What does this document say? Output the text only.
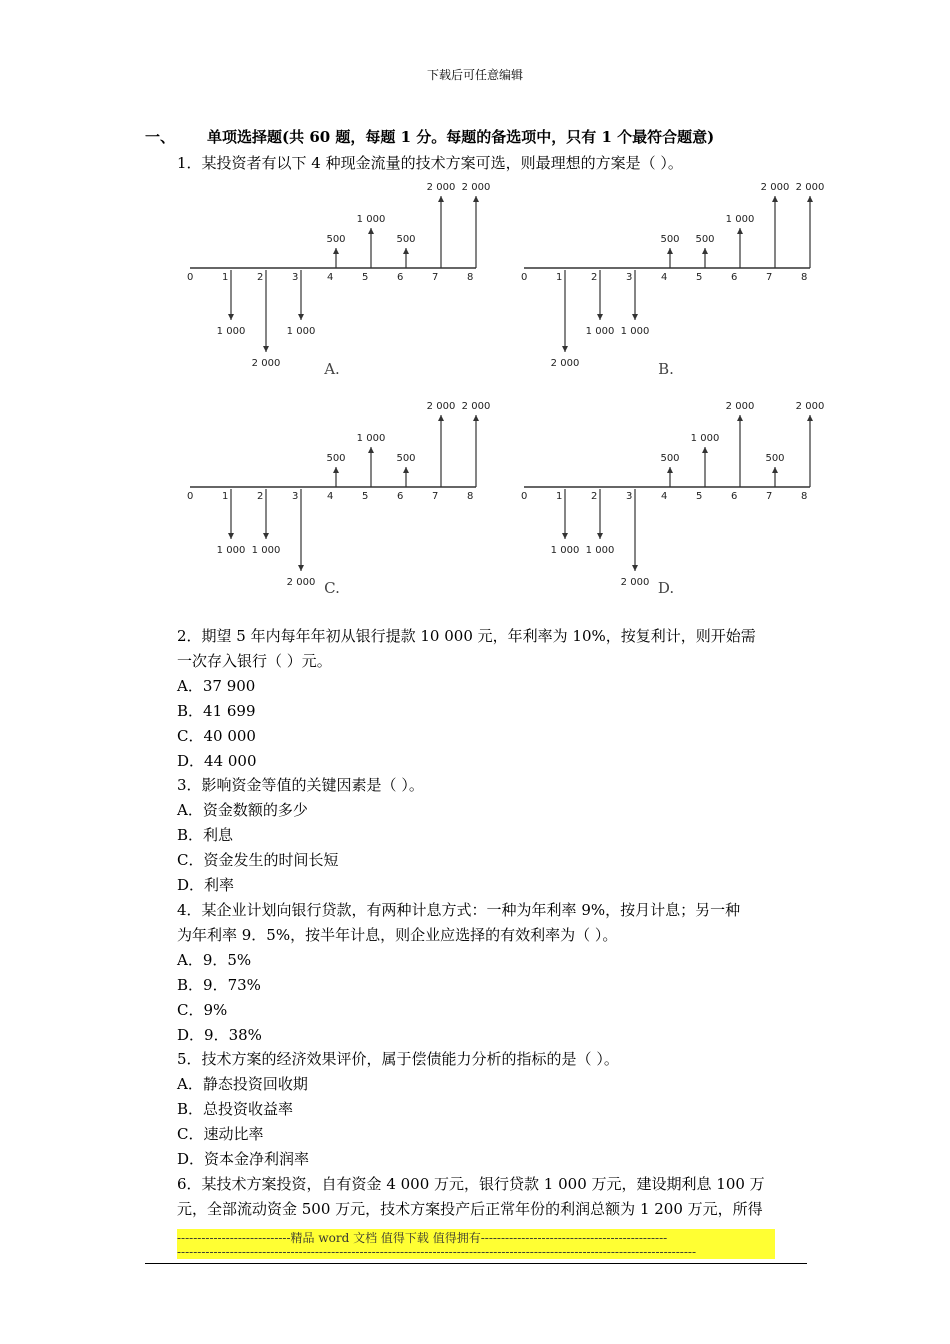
下载后可任意编辑
一、 单项选择题(共 60 题，每题 1 分。每题的备选项中，只有 1 个最符合题意)
1．某投资者有以下 4 种现金流量的技术方案可选，则最理想的方案是（ ）。
0	1	2	3	4	5	6	7	8
1 000
2 000
1 000
500
1 000
500
2 000 2 000
A.
0	1	2	3	4	5	6	7	8
2 000
1 000 1 000
500 500
1 000
2 000 2 000
B.
0	1	2	3	4	5	6	7	8
1 000 1 000
2 000
500
1 000
500
2 000 2 000
C.
0	1	2	3	4	5	6	7	8
1 000 1 000
2 000
500
1 000
2 000
500
2 000
D.
2．期望 5 年内每年年初从银行提款 10 000 元，年利率为 10%，按复利计，则开始需
一次存入银行（ ）元。
A．37 900
B．41 699
C．40 000
D．44 000
3．影响资金等值的关键因素是（ ）。
A．资金数额的多少
B．利息
C．资金发生的时间长短
D．利率
4．某企业计划向银行贷款，有两种计息方式：一种为年利率 9%，按月计息；另一种
为年利率 9．5%，按半年计息，则企业应选择的有效利率为（ ）。
A．9．5%
B．9．73%
C．9%
D．9．38%
5．技术方案的经济效果评价，属于偿债能力分析的指标的是（ ）。
A．静态投资回收期
B．总投资收益率
C．速动比率
D．资本金净利润率
6．某技术方案投资，自有资金 4 000 万元，银行贷款 1 000 万元，建设期利息 100 万
元，全部流动资金 500 万元，技术方案投产后正常年份的利润总额为 1 200 万元，所得
----------------------------精品 word 文档 值得下载 值得拥有----------------------------------------------
--------------------------------------------------------------------------------------------------------------------------------
